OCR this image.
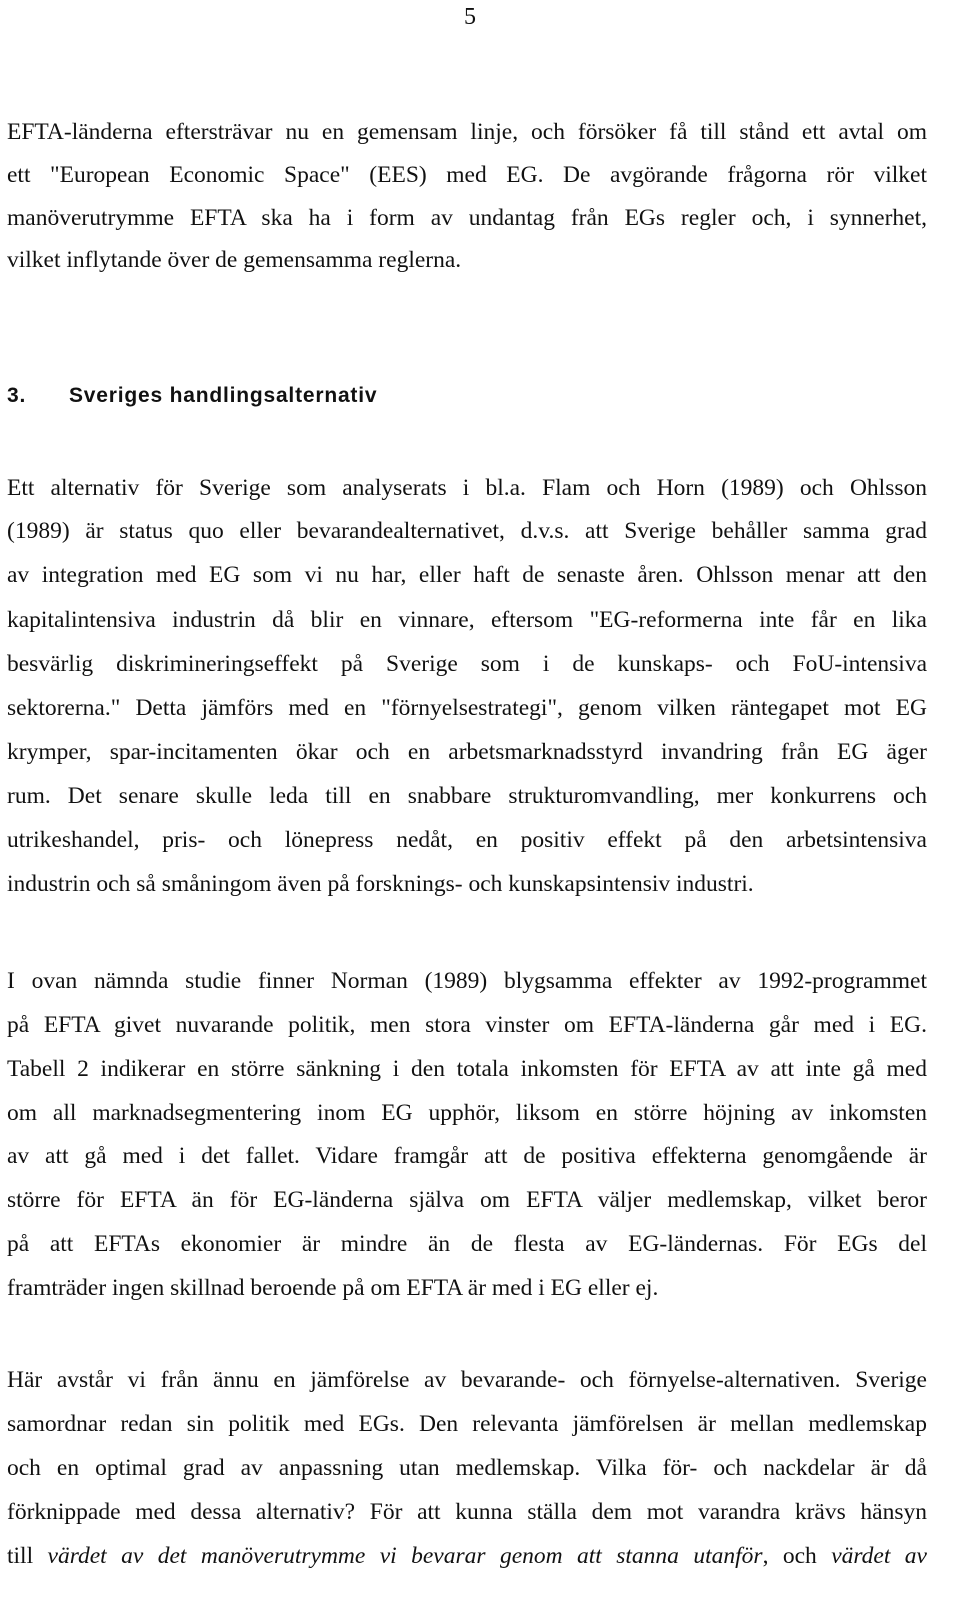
5
EFTA-länderna eftersträvar nu en gemensam linje, och försöker få till stånd ett avtal om
ett "European Economic Space" (EES) med EG. De avgörande frågorna rör vilket
manöverutrymme EFTA ska ha i form av undantag från EGs regler och, i synnerhet,
vilket inflytande över de gemensamma reglerna.
3. Sveriges handlingsalternativ
Ett alternativ för Sverige som analyserats i bl.a. Flam och Horn (1989) och Ohlsson
(1989) är status quo eller bevarandealternativet, d.v.s. att Sverige behåller samma grad
av integration med EG som vi nu har, eller haft de senaste åren. Ohlsson menar att den
kapitalintensiva industrin då blir en vinnare, eftersom "EG-reformerna inte får en lika
besvärlig diskrimineringseffekt på Sverige som i de kunskaps- och FoU-intensiva
sektorerna." Detta jämförs med en "förnyelsestrategi", genom vilken räntegapet mot EG
krymper, spar-incitamenten ökar och en arbetsmarknadsstyrd invandring från EG äger
rum. Det senare skulle leda till en snabbare strukturomvandling, mer konkurrens och
utrikeshandel, pris- och lönepress nedåt, en positiv effekt på den arbetsintensiva
industrin och så småningom även på forsknings- och kunskapsintensiv industri.
I ovan nämnda studie finner Norman (1989) blygsamma effekter av 1992-programmet
på EFTA givet nuvarande politik, men stora vinster om EFTA-länderna går med i EG.
Tabell 2 indikerar en större sänkning i den totala inkomsten för EFTA av att inte gå med
om all marknadsegmentering inom EG upphör, liksom en större höjning av inkomsten
av att gå med i det fallet. Vidare framgår att de positiva effekterna genomgående är
större för EFTA än för EG-länderna själva om EFTA väljer medlemskap, vilket beror
på att EFTAs ekonomier är mindre än de flesta av EG-ländernas. För EGs del
framträder ingen skillnad beroende på om EFTA är med i EG eller ej.
Här avstår vi från ännu en jämförelse av bevarande- och förnyelse-alternativen. Sverige
samordnar redan sin politik med EGs. Den relevanta jämförelsen är mellan medlemskap
och en optimal grad av anpassning utan medlemskap. Vilka för- och nackdelar är då
förknippade med dessa alternativ? För att kunna ställa dem mot varandra krävs hänsyn
till värdet av det manöverutrymme vi bevarar genom att stanna utanför, och värdet av
